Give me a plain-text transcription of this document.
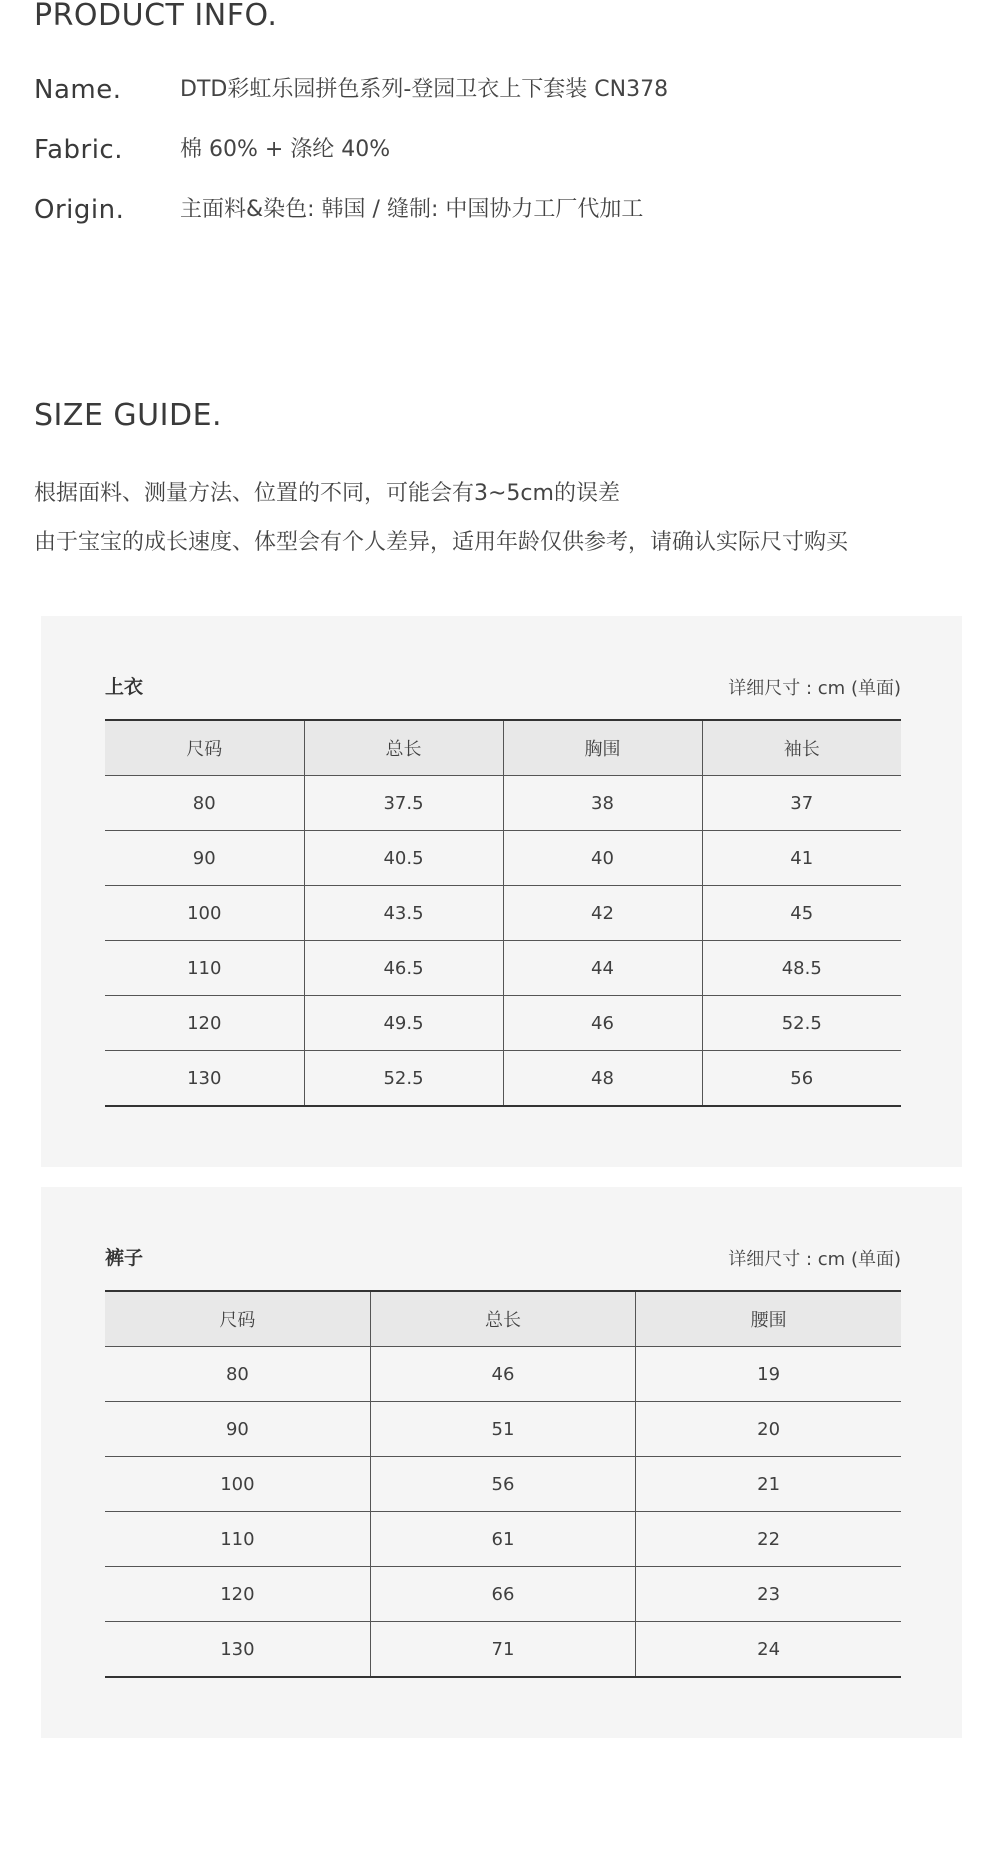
PRODUCT INFO.
Name.	DTD彩虹乐园拼色系列-登园卫衣上下套装 CN378
Fabric.	棉 60% + 涤纶 40%
Origin.	主面料&染色: 韩国 / 缝制: 中国协力工厂代加工
SIZE GUIDE.
根据面料、测量方法、位置的不同，可能会有3~5cm的误差
由于宝宝的成长速度、体型会有个人差异，适用年龄仅供参考，请确认实际尺寸购买
上衣	详细尺寸 : cm (单面)
尺码	总长	胸围	袖长
80	37.5	38	37
90	40.5	40	41
100	43.5	42	45
110	46.5	44	48.5
120	49.5	46	52.5
130	52.5	48	56
裤子	详细尺寸 : cm (单面)
尺码	总长	腰围
80	46	19
90	51	20
100	56	21
110	61	22
120	66	23
130	71	24
